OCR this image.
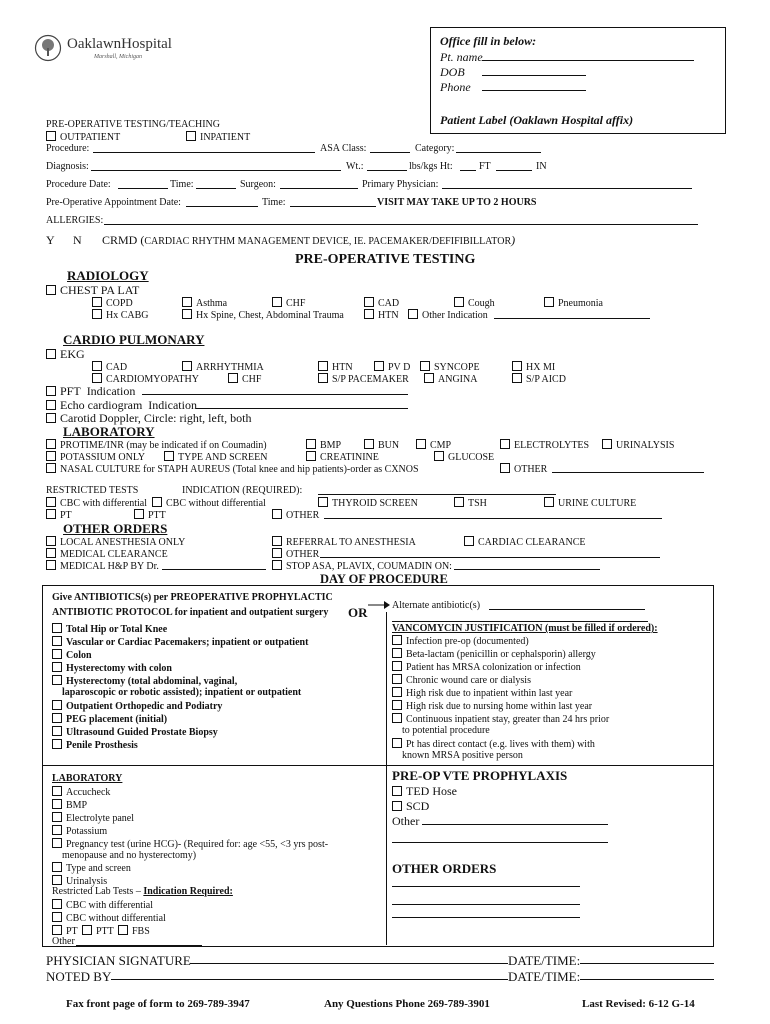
OaklawnHospital
Marshall, Michigan
Office fill in below:
Pt. name
DOB
Phone
Patient Label (Oaklawn Hospital affix)
PRE-OPERATIVE TESTING/TEACHING
OUTPATIENT	INPATIENT
Procedure:	ASA Class:	Category:
Diagnosis:	Wt.:	lbs/kgs Ht:	FT	IN
Procedure Date:	Time:	Surgeon:	Primary Physician:
Pre-Operative Appointment Date:	Time:	VISIT MAY TAKE UP TO 2 HOURS
ALLERGIES:
Y N CRMD (CARDIAC RHYTHM MANAGEMENT DEVICE, IE. PACEMAKER/DEFIFIBILLATOR)
PRE-OPERATIVE TESTING
RADIOLOGY
CHEST PA LAT
COPD	Asthma	CHF	CAD	Cough	Pneumonia
Hx CABG	Hx Spine, Chest, Abdominal Trauma	HTN	Other Indication
CARDIO PULMONARY
EKG
CAD	ARRHYTHMIA	HTN	PV D	SYNCOPE	HX MI
CARDIOMYOPATHY	CHF	S/P PACEMAKER	ANGINA	S/P AICD
PFT Indication
Echo cardiogram Indication
Carotid Doppler, Circle: right, left, both
LABORATORY
PROTIME/INR (may be indicated if on Coumadin)	BMP	BUN	CMP	ELECTROLYTES	URINALYSIS
POTASSIUM ONLY	TYPE AND SCREEN	CREATININE	GLUCOSE
NASAL CULTURE for STAPH AUREUS (Total knee and hip patients)-order as CXNOS	OTHER
RESTRICTED TESTS	INDICATION (REQUIRED):
CBC with differential	CBC without differential	THYROID SCREEN	TSH	URINE CULTURE
PT	PTT	OTHER
OTHER ORDERS
LOCAL ANESTHESIA ONLY	REFERRAL TO ANESTHESIA	CARDIAC CLEARANCE
MEDICAL CLEARANCE	OTHER
MEDICAL H&P BY Dr.	STOP ASA, PLAVIX, COUMADIN ON:
DAY OF PROCEDURE
Give ANTIBIOTICS(s) per PREOPERATIVE PROPHYLACTIC
ANTIBIOTIC PROTOCOL for inpatient and outpatient surgery OR Alternate antibiotic(s)
Total Hip or Total Knee
Vascular or Cardiac Pacemakers; inpatient or outpatient
Colon
Hysterectomy with colon
Hysterectomy (total abdominal, vaginal,
laparoscopic or robotic assisted); inpatient or outpatient
Outpatient Orthopedic and Podiatry
PEG placement (initial)
Ultrasound Guided Prostate Biopsy
Penile Prosthesis
VANCOMYCIN JUSTIFICATION (must be filled if ordered):
Infection pre-op (documented)
Beta-lactam (penicillin or cephalsporin) allergy
Patient has MRSA colonization or infection
Chronic wound care or dialysis
High risk due to inpatient within last year
High risk due to nursing home within last year
Continuous inpatient stay, greater than 24 hrs prior
to potential procedure
Pt has direct contact (e.g. lives with them) with
known MRSA positive person
LABORATORY
Accucheck
BMP
Electrolyte panel
Potassium
Pregnancy test (urine HCG)- (Required for: age <55, <3 yrs post-
menopause and no hysterectomy)
Type and screen
Urinalysis
Restricted Lab Tests – Indication Required:
CBC with differential
CBC without differential
PT	PTT	FBS
Other
PRE-OP VTE PROPHYLAXIS
TED Hose
SCD
Other
OTHER ORDERS
PHYSICIAN SIGNATURE	DATE/TIME:
NOTED BY	DATE/TIME:
Fax front page of form to 269-789-3947	Any Questions Phone 269-789-3901	Last Revised: 6-12 G-14
